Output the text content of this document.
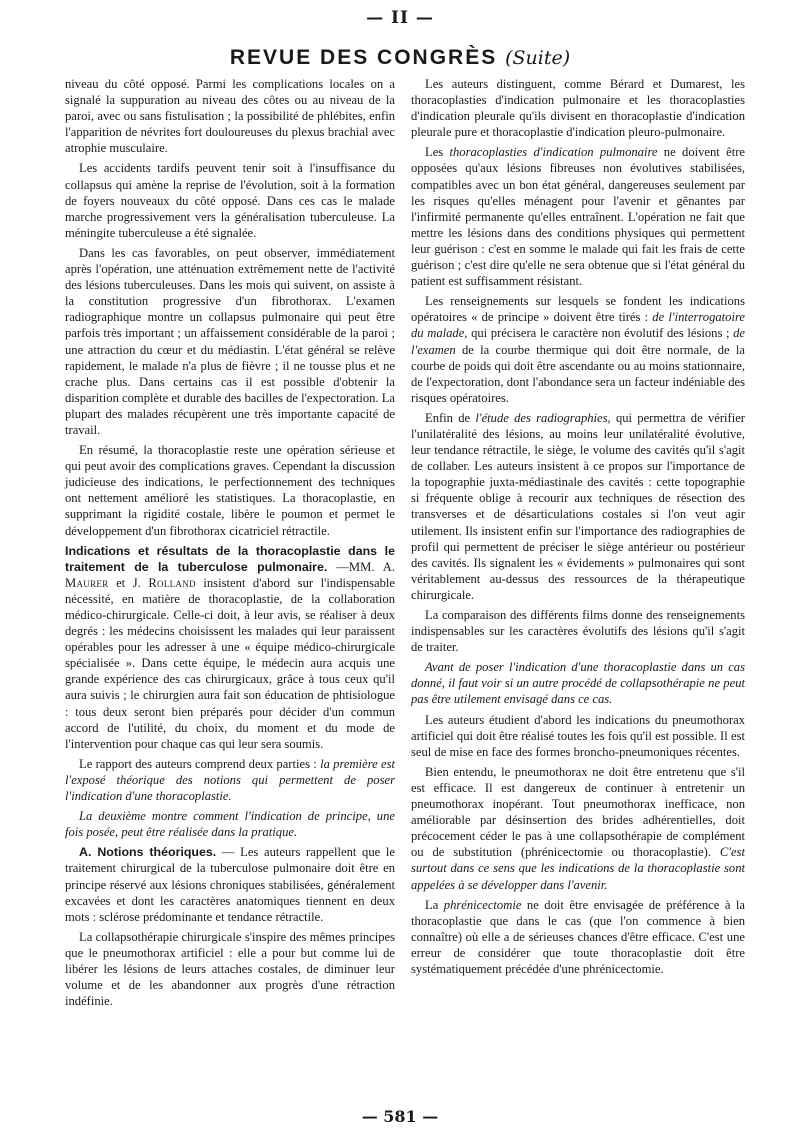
— II —
REVUE DES CONGRÈS (Suite)

niveau du côté opposé. Parmi les complications locales on a signalé la suppuration au niveau des côtes ou au niveau de la paroi, avec ou sans fistulisation ; la possibilité de phlébites, enfin l'apparition de névrites fort douloureuses du plexus brachial avec atrophie musculaire.

Les accidents tardifs peuvent tenir soit à l'insuffisance du collapsus qui amène la reprise de l'évolution, soit à la formation de foyers nouveaux du côté opposé. Dans ces cas le malade marche progressivement vers la généralisation tuberculeuse. La méningite tuberculeuse a été signalée.

Dans les cas favorables, on peut observer, immédiatement après l'opération, une atténuation extrêmement nette de l'activité des lésions tuberculeuses. Dans les mois qui suivent, on assiste à la constitution progressive d'un fibrothorax. L'examen radiographique montre un collapsus pulmonaire qui peut être parfois très important ; un affaissement considérable de la paroi ; une attraction du cœur et du médiastin. L'état général se relève rapidement, le malade n'a plus de fièvre ; il ne tousse plus et ne crache plus. Dans certains cas il est possible d'obtenir la disparition complète et durable des bacilles de l'expectoration. La plupart des malades récupèrent une très importante capacité de travail.

En résumé, la thoracoplastie reste une opération sérieuse et qui peut avoir des complications graves. Cependant la discussion judicieuse des indications, le perfectionnement des techniques ont nettement amélioré les statistiques. La thoracoplastie, en supprimant la rigidité costale, libère le poumon et permet le développement d'un fibrothorax cicatriciel rétractile.

Indications et résultats de la thoracoplastie dans le traitement de la tuberculose pulmonaire. —MM. A. Maurer et J. Rolland insistent d'abord sur l'indispensable nécessité, en matière de thoracoplastie, de la collaboration médico-chirurgicale. Celle-ci doit, à leur avis, se réaliser à deux degrés : les médecins choisissent les malades qui leur paraissent opérables pour les adresser à une « équipe médico-chirurgicale spécialisée ». Dans cette équipe, le médecin aura acquis une grande expérience des cas chirurgicaux, grâce à tous ceux qu'il aura suivis ; le chirurgien aura fait son éducation de phtisiologue : tous deux seront bien préparés pour décider d'un commun accord de l'utilité, du choix, du moment et du mode de l'intervention pour chaque cas qui leur sera soumis.

Le rapport des auteurs comprend deux parties : la première est l'exposé théorique des notions qui permettent de poser l'indication d'une thoracoplastie.

La deuxième montre comment l'indication de principe, une fois posée, peut être réalisée dans la pratique.

A. Notions théoriques. — Les auteurs rappellent que le traitement chirurgical de la tuberculose pulmonaire doit être en principe réservé aux lésions chroniques stabilisées, généralement excavées et dont les caractères anatomiques tiennent en deux mots : sclérose prédominante et tendance rétractile.

La collapsothérapie chirurgicale s'inspire des mêmes principes que le pneumothorax artificiel : elle a pour but comme lui de libérer les lésions de leurs attaches costales, de diminuer leur volume et de les abandonner aux progrès d'une rétraction indéfinie.

Les auteurs distinguent, comme Bérard et Dumarest, les thoracoplasties d'indication pulmonaire et les thoracoplasties d'indication pleurale qu'ils divisent en thoracoplastie d'indication pleurale pure et thoracoplastie d'indication pleuro-pulmonaire.

Les thoracoplasties d'indication pulmonaire ne doivent être opposées qu'aux lésions fibreuses non évolutives stabilisées, compatibles avec un bon état général, dangereuses seulement par les risques qu'elles ménagent pour l'avenir et gênantes par l'infirmité permanente qu'elles entraînent. L'opération ne fait que mettre les lésions dans des conditions physiques qui permettent leur guérison : c'est en somme le malade qui fait les frais de cette guérison ; c'est dire qu'elle ne sera obtenue que si l'état général du patient est suffisamment résistant.

Les renseignements sur lesquels se fondent les indications opératoires « de principe » doivent être tirés : de l'interrogatoire du malade, qui précisera le caractère non évolutif des lésions ; de l'examen de la courbe thermique qui doit être normale, de la courbe de poids qui doit être ascendante ou au moins stationnaire, de l'expectoration, dont l'abondance sera un facteur indéniable des risques opératoires.

Enfin de l'étude des radiographies, qui permettra de vérifier l'unilatéralité des lésions, au moins leur unilatéralité évolutive, leur tendance rétractile, le siège, le volume des cavités qu'il s'agit de collaber. Les auteurs insistent à ce propos sur l'importance de la topographie juxta-médiastinale des cavités : cette topographie si fréquente oblige à recourir aux techniques de résection des transverses et de désarticulations costales si l'on veut agir utilement. Ils insistent enfin sur l'importance des radiographies de profil qui permettent de préciser le siège antérieur ou postérieur des cavités. Ils signalent les « évidements » pulmonaires qui sont véritablement au-dessus des ressources de la thérapeutique chirurgicale.

La comparaison des différents films donne des renseignements indispensables sur les caractères évolutifs des lésions qu'il s'agit de traiter.

Avant de poser l'indication d'une thoracoplastie dans un cas donné, il faut voir si un autre procédé de collapsothérapie ne peut pas être utilement envisagé dans ce cas.

Les auteurs étudient d'abord les indications du pneumothorax artificiel qui doit être réalisé toutes les fois qu'il est possible. Il est seul de mise en face des formes broncho-pneumoniques récentes.

Bien entendu, le pneumothorax ne doit être entretenu que s'il est efficace. Il est dangereux de continuer à entretenir un pneumothorax inopérant. Tout pneumothorax inefficace, non améliorable par désinsertion des brides adhérentielles, doit précocement céder le pas à une collapsothérapie de complément ou de substitution (phrénicectomie ou thoracoplastie). C'est surtout dans ce sens que les indications de la thoracoplastie sont appelées à se développer dans l'avenir.

La phrénicectomie ne doit être envisagée de préférence à la thoracoplastie que dans le cas (que l'on commence à bien connaître) où elle a de sérieuses chances d'être efficace. C'est une erreur de considérer que toute thoracoplastie doit être systématiquement précédée d'une phrénicectomie.

— 581 —
